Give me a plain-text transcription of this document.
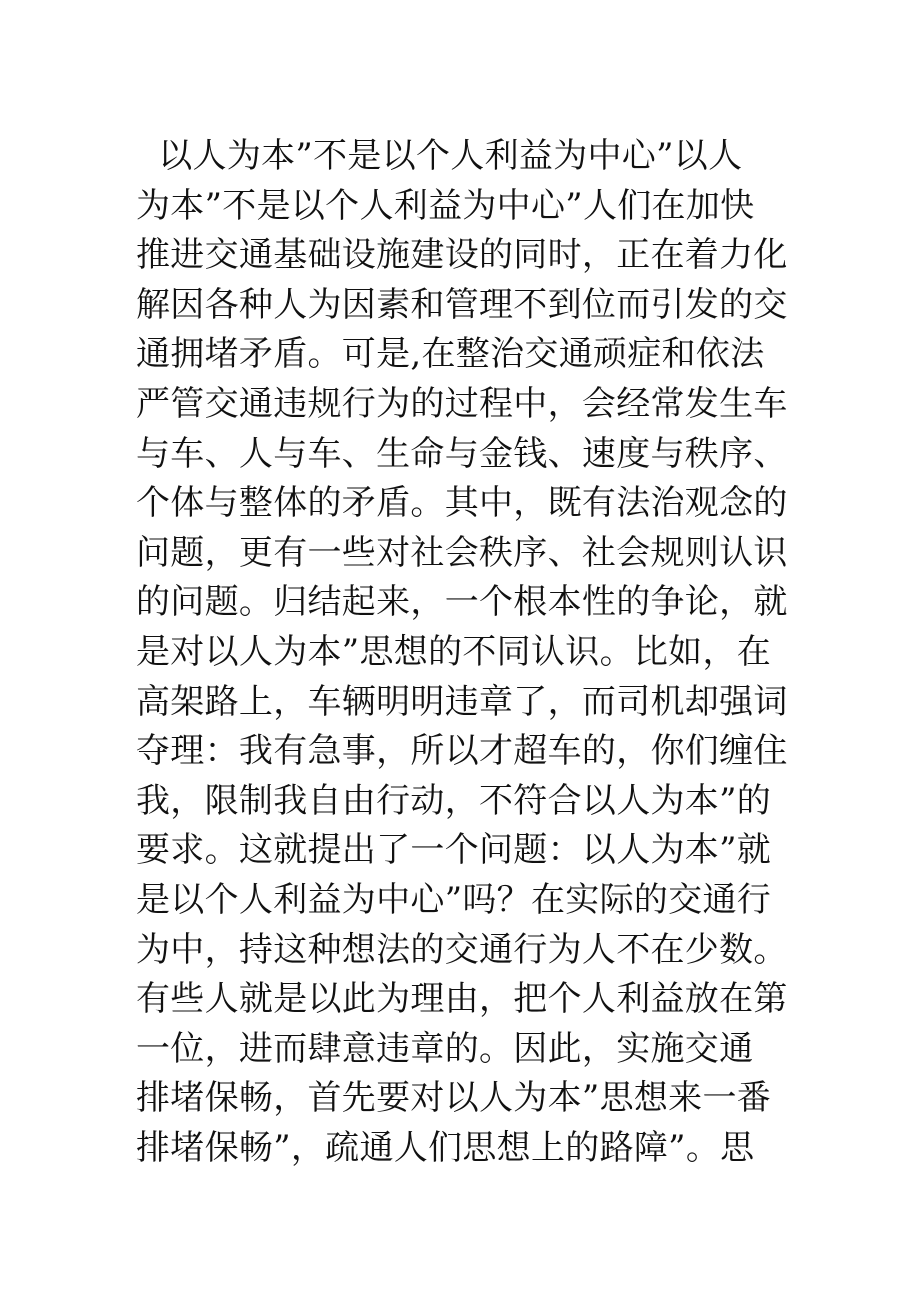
以人为本”不是以个人利益为中心”以人
为本”不是以个人利益为中心”人们在加快
推进交通基础设施建设的同时，正在着力化
解因各种人为因素和管理不到位而引发的交
通拥堵矛盾。可是,在整治交通顽症和依法
严管交通违规行为的过程中，会经常发生车
与车、人与车、生命与金钱、速度与秩序、
个体与整体的矛盾。其中，既有法治观念的
问题，更有一些对社会秩序、社会规则认识
的问题。归结起来，一个根本性的争论，就
是对以人为本”思想的不同认识。比如，在
高架路上，车辆明明违章了，而司机却强词
夺理：我有急事，所以才超车的，你们缠住
我，限制我自由行动，不符合以人为本”的
要求。这就提出了一个问题：以人为本”就
是以个人利益为中心”吗？在实际的交通行
为中，持这种想法的交通行为人不在少数。
有些人就是以此为理由，把个人利益放在第
一位，进而肆意违章的。因此，实施交通
排堵保畅，首先要对以人为本”思想来一番
排堵保畅”，疏通人们思想上的路障”。思
